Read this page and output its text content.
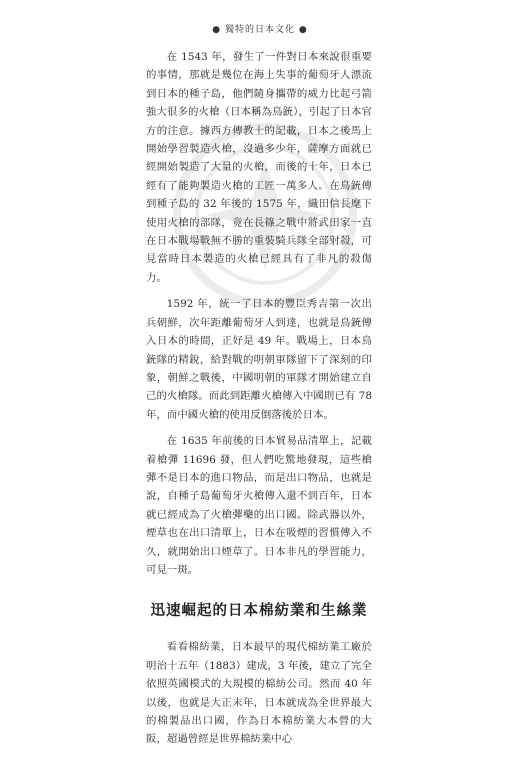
● 獨特的日本文化 ●

在 1543 年，發生了一件對日本來說很重要的事情，那就是幾位在海上失事的葡萄牙人漂流到日本的種子島，他們隨身攜帶的威力比起弓箭強大很多的火槍（日本稱為鳥銃），引起了日本官方的注意。據西方傳教士的記載，日本之後馬上開始學習製造火槍，沒過多少年，薩摩方面就已經開始製造了大量的火槍，而後的十年，日本已經有了能夠製造火槍的工匠一萬多人。在鳥銃傳到種子島的 32 年後的 1575 年，織田信長麾下使用火槍的部隊，竟在長篠之戰中將武田家一直在日本戰場戰無不勝的重裝騎兵隊全部射殺，可見當時日本製造的火槍已經具有了非凡的殺傷力。

1592 年，統一了日本的豐臣秀吉第一次出兵朝鮮，次年距離葡萄牙人到達，也就是鳥銃傳入日本的時間，正好是 49 年。戰場上，日本鳥銃隊的精銳，給對戰的明朝軍隊留下了深刻的印象，朝鮮之戰後，中國明朝的軍隊才開始建立自己的火槍隊。而此到距離火槍傳入中國則已有 78 年，而中國火槍的使用反倒落後於日本。

在 1635 年前後的日本貿易品清單上，記載着槍彈 11696 發，但人們吃驚地發現，這些槍彈不是日本的進口物品，而是出口物品，也就是說，自種子島葡萄牙火槍傳入還不到百年，日本就已經成為了火槍彈藥的出口國。除武器以外，煙草也在出口清單上，日本在吸煙的習慣傳入不久，就開始出口煙草了。日本非凡的學習能力，可見一斑。

迅速崛起的日本棉紡業和生絲業

看看棉紡業，日本最早的現代棉紡業工廠於明治十五年（1883）建成，3 年後，建立了完全依照英國模式的大規模的棉紡公司。然而 40 年以後，也就是大正末年，日本就成為全世界最大的棉製品出口國，作為日本棉紡業大本營的大阪，超過曾經是世界棉紡業中心
